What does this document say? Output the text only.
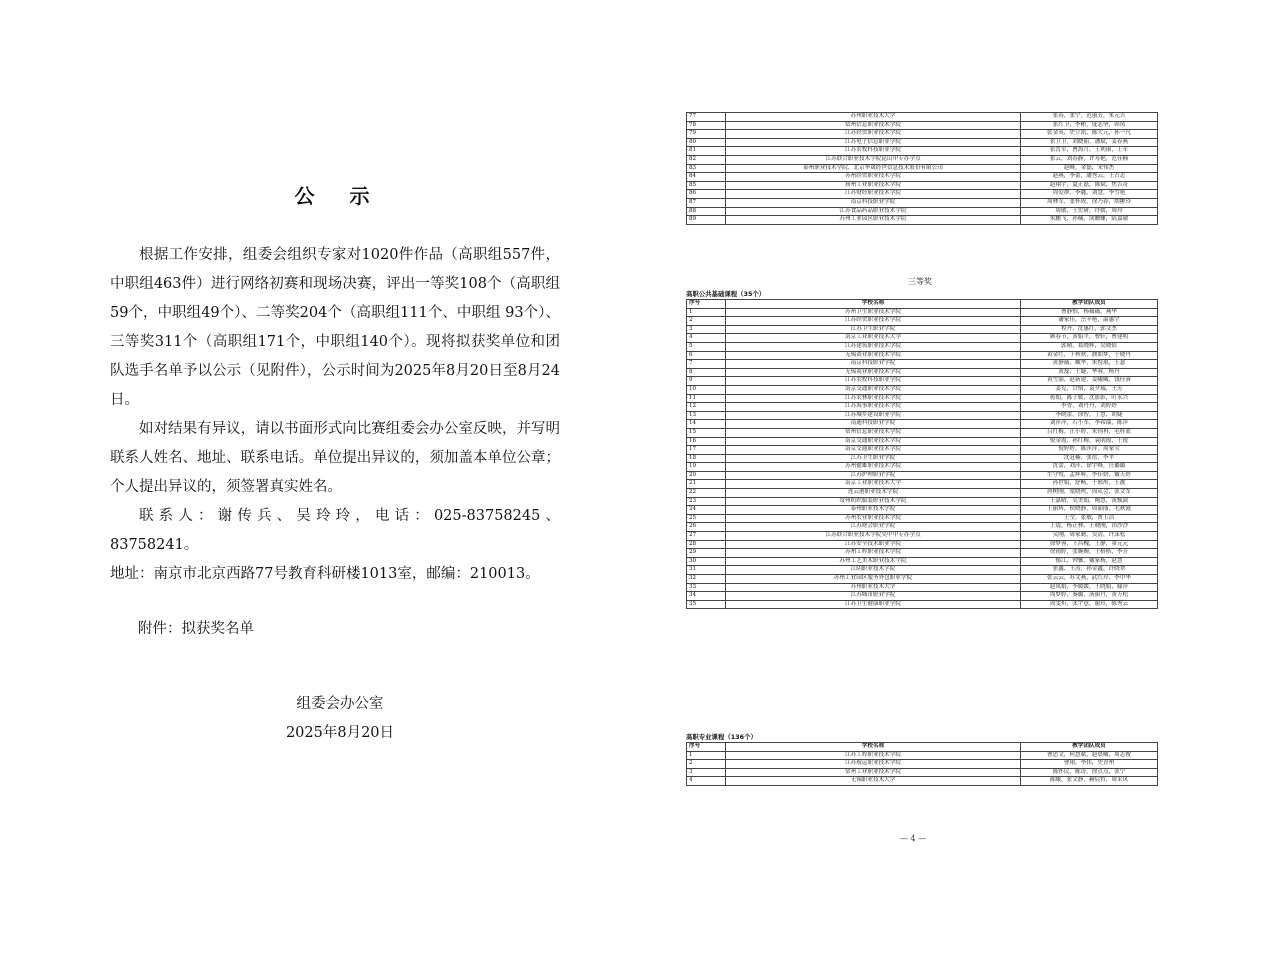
公 示

根据工作安排，组委会组织专家对1020件作品（高职组557件，中职组463件）进行网络初赛和现场决赛，评出一等奖108个（高职组59个，中职组49个）、二等奖204个（高职组111个、中职组 93个）、三等奖311个（高职组171个，中职组140个）。现将拟获奖单位和团队选手名单予以公示（见附件），公示时间为2025年8月20日至8月24日。

如对结果有异议，请以书面形式向比赛组委会办公室反映，并写明联系人姓名、地址、联系电话。单位提出异议的，须加盖本单位公章；个人提出异议的，须签署真实姓名。

联系人：谢传兵、吴玲玲，电话：025-83758245、83758241。

地址：南京市北京西路77号教育科研楼1013室，邮编：210013。

附件：拟获奖名单
组委会办公室
2025年8月20日
77	苏州职业技术大学	张春，张宁，范丽芳，朱元吉
78	常州信息职业技术学院	张红卫，李彬，庞志坚，韩凤
79	江苏经贸职业技术学院	张金英，史立凯，陈大元，孙一凡
80	江苏电子信息职业学院	张卫卫，刘晓丽，潘斌，姜春燕
81	江苏农牧科技职业学院	张晋军，曹海月，王利丽，王军
82	江苏联合职业技术学院昆山中专办学点	张云，刘春静，许寿艳，范佳楠
83	泰州职业技术学院，北京华晟经世信息技术股份有限公司	赵峰，金磊，宋伟杰
84	苏州经贸职业技术学院	赵燕，李蕾，潘秀云，王占志
85	扬州工业职业技术学院	赵翔宇，夏正磊，陈斌，焦吉奇
86	江苏财经职业技术学院	周爱群，李鑫，刘慧，李雪艳
87	南京科技职业学院	周林军，张怀成，徐乃春，胡翀玲
88	江苏食品药品职业技术学院	周敏，王宏研，许媛，周玲
89	苏州工业园区职业技术学院	朱鹏飞，孙楠，成姗姗，陆嘉瑜
三等奖
高职公共基础课程（35个）
序号	学校名称	教学团队成员
1	苏州卫生职业技术学院	曹静怡，杨薇薇，燕华
2	江苏经贸职业技术学院	潘家佳，岳辛艳，温惠宇
3	江苏卫生职业学院	程丹，沈惠红，郭文杰
4	南京工业职业技术大学	顾春节，黄娟平，曹轩，曹建明
5	江苏建筑职业技术学院	郭晴，葛晓辉，吴晓倩
6	无锡商业职业技术学院	黄金红，于秋秋，濮如梦，于晓丹
7	南京科技职业学院	黄静薇，臧华，朱悦琨，王瑟
8	无锡商业职业技术学院	黄磊，王婕，华蓉，杨丹
9	江苏农牧科技职业学院	黄雪丽，赵新建，姜曦曦，钱佳蓉
10	南京交通职业技术学院	姜克，甘怡，袁夕瑞，王芳
11	江苏农林职业技术学院	蒋娟，陈子媛，沈影影，叮永兴
12	江苏海事职业技术学院	李香，刘丹丹，刘婷婷
13	江苏城乡建设职业学院	李晓蕾，徐智，丁慧，胡婕
14	南通科技职业学院	刘萍萍，石小军，李希瑞，陈萍
15	常州信息职业技术学院	吕红梅，汪小婷，朱钧冉，毛桂蓝
16	南京交通职业技术学院	倪金霞，孙红梅，袁明霞，王锐
17	南京交通职业技术学院	倪婷婷，陈萍萍，周家宝
18	江苏卫生职业学院	沈冠楠，张蓓，李平
19	苏州健雄职业技术学院	沈蕾，刘萍，徐宇峰，汪璐璐
20	江苏护理职业学院	生守悦，孟辉辉，李佳妍，戴天婷
21	南京工业职业技术大学	孙世娟，舒畅，于邢彤，王靓
22	连云港职业技术学院	唐树刚，梁晓鸣，周从会，张文军
23	常州纺织服装职业技术学院	王嘉晴，吴美娟，陶慧，黄甄淑
24	泰州职业技术学院	王丽辉，侯晓静，周丽丽，毛秋霞
25	苏州农业职业技术学院	王莹，张敏，贾玉洁
26	江苏财会职业学院	王震，杨正林，王晓刚，田沙沙
27	江苏联合职业技术学院吴中中专办学点	吴刚，周家勤，吴清，许沫松
28	江苏安全技术职业学院	徐梦蓉，王昌槐，王静，童元元
29	苏州工程职业技术学院	徐雨婷，张婉婉，王格格，李芳
30	苏州工艺美术职业技术学院	郁江，钟馨，戴家杨，赵慧
31	江阴职业技术学院	张鑫，王涛，孙金鑫，许晓翠
32	苏州工业园区服务外包职业学院	张云云，苏文燕，武红玲，李中华
33	苏州职业技术大学	赵凤娟，李媛媛，王晓娟，滕萍
34	江苏城市职业学院	周梦婷，秦璐，汤丽丹，黄万松
35	江苏卫生健康职业学院	周雯炘，张宇意，谢玲，陈秀云
高职专业课程（136个）
序号	学校名称	教学团队成员
1	江苏工程职业技术学院	曹思文，何慧斌，赵晨曦，周志俊
2	江苏航运职业技术学院	曹翔，李伟，史青州
3	常州工业职业技术学院	陈怀民，陈涛，徐点点，张宁
4	无锡职业技术大学	陈曦，张文静，赫宸哲，周采风
— 4 —
